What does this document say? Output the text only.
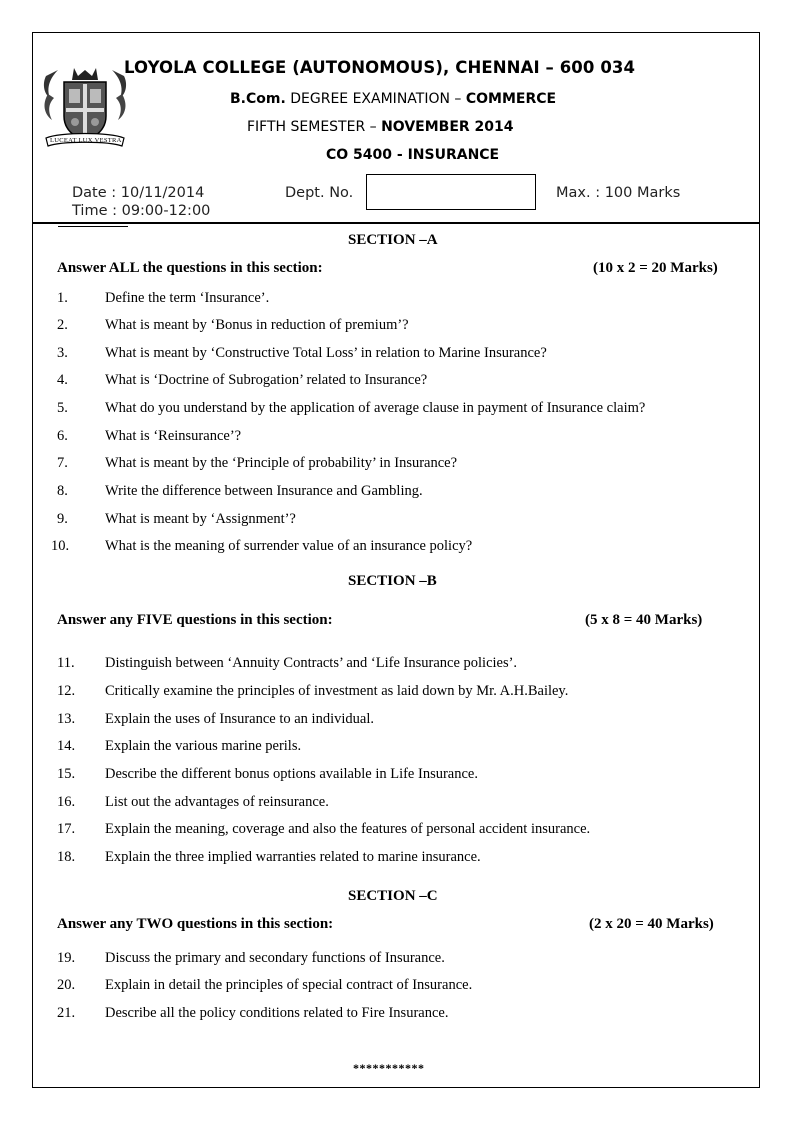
LUCEAT LUX VESTRA
LOYOLA COLLEGE (AUTONOMOUS), CHENNAI – 600 034
B.Com. DEGREE EXAMINATION – COMMERCE
FIFTH SEMESTER – NOVEMBER 2014
CO 5400 - INSURANCE
Date : 10/11/2014
Time : 09:00-12:00
Dept. No.	Max. : 100 Marks
SECTION –A
Answer ALL the questions in this section:	(10 x 2 = 20 Marks)
1.	Define the term ‘Insurance’.
2.	What is meant by ‘Bonus in reduction of premium’?
3.	What is meant by ‘Constructive Total Loss’ in relation to Marine Insurance?
4.	What is ‘Doctrine of Subrogation’ related to Insurance?
5.	What do you understand by the application of average clause in payment of Insurance claim?
6.	What is ‘Reinsurance’?
7.	What is meant by the ‘Principle of probability’ in Insurance?
8.	Write the difference between Insurance and Gambling.
9.	What is meant by ‘Assignment’?
10. What is the meaning of surrender value of an insurance policy?
SECTION –B
Answer any FIVE questions in this section:	(5 x 8 = 40 Marks)
11. Distinguish between ‘Annuity Contracts’ and ‘Life Insurance policies’.
12. Critically examine the principles of investment as laid down by Mr. A.H.Bailey.
13. Explain the uses of Insurance to an individual.
14. Explain the various marine perils.
15. Describe the different bonus options available in Life Insurance.
16. List out the advantages of reinsurance.
17. Explain the meaning, coverage and also the features of personal accident insurance.
18. Explain the three implied warranties related to marine insurance.
SECTION –C
Answer any TWO questions in this section:	(2 x 20 = 40 Marks)
19. Discuss the primary and secondary functions of Insurance.
20. Explain in detail the principles of special contract of Insurance.
21. Describe all the policy conditions related to Fire Insurance.
***********
